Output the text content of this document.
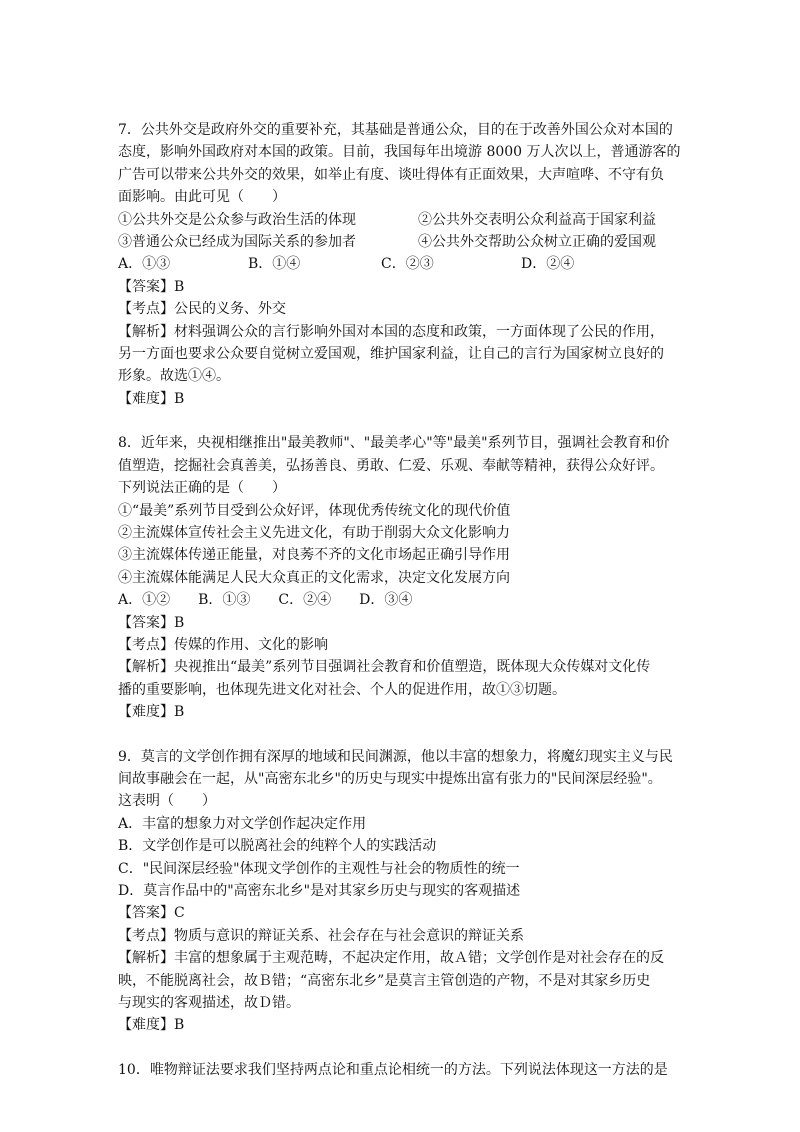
7．公共外交是政府外交的重要补充，其基础是普通公众，目的在于改善外国公众对本国的
态度，影响外国政府对本国的政策。目前，我国每年出境游 8000 万人次以上，普通游客的
广告可以带来公共外交的效果，如举止有度、谈吐得体有正面效果，大声喧哗、不守有负
面影响。由此可见（　　）
①公共外交是公众参与政治生活的体现	②公共外交表明公众利益高于国家利益
③普通公众已经成为国际关系的参加者	④公共外交帮助公众树立正确的爱国观
A．①③	B．①④	C．②③	D．②④
【答案】B
【考点】公民的义务、外交
【解析】材料强调公众的言行影响外国对本国的态度和政策，一方面体现了公民的作用，
另一方面也要求公众要自觉树立爱国观，维护国家利益，让自己的言行为国家树立良好的
形象。故选①④。
【难度】B
8．近年来，央视相继推出"最美教师"、"最美孝心"等"最美"系列节目，强调社会教育和价
值塑造，挖掘社会真善美，弘扬善良、勇敢、仁爱、乐观、奉献等精神，获得公众好评。
下列说法正确的是（　　）
①“最美”系列节目受到公众好评，体现优秀传统文化的现代价值
②主流媒体宣传社会主义先进文化，有助于削弱大众文化影响力
③主流媒体传递正能量，对良莠不齐的文化市场起正确引导作用
④主流媒体能满足人民大众真正的文化需求，决定文化发展方向
A．①②　　B．①③　　C．②④　　D．③④
【答案】B
【考点】传媒的作用、文化的影响
【解析】央视推出“最美”系列节目强调社会教育和价值塑造，既体现大众传媒对文化传
播的重要影响，也体现先进文化对社会、个人的促进作用，故①③切题。
【难度】B
9．莫言的文学创作拥有深厚的地域和民间渊源，他以丰富的想象力，将魔幻现实主义与民
间故事融会在一起，从"高密东北乡"的历史与现实中提炼出富有张力的"民间深层经验"。
这表明（　　）
A．丰富的想象力对文学创作起决定作用
B．文学创作是可以脱离社会的纯粹个人的实践活动
C．"民间深层经验"体现文学创作的主观性与社会的物质性的统一
D．莫言作品中的"高密东北乡"是对其家乡历史与现实的客观描述
【答案】C
【考点】物质与意识的辩证关系、社会存在与社会意识的辩证关系
【解析】丰富的想象属于主观范畴，不起决定作用，故Ａ错；文学创作是对社会存在的反
映，不能脱离社会，故Ｂ错；“高密东北乡”是莫言主管创造的产物，不是对其家乡历史
与现实的客观描述，故Ｄ错。
【难度】B
10．唯物辩证法要求我们坚持两点论和重点论相统一的方法。下列说法体现这一方法的是
